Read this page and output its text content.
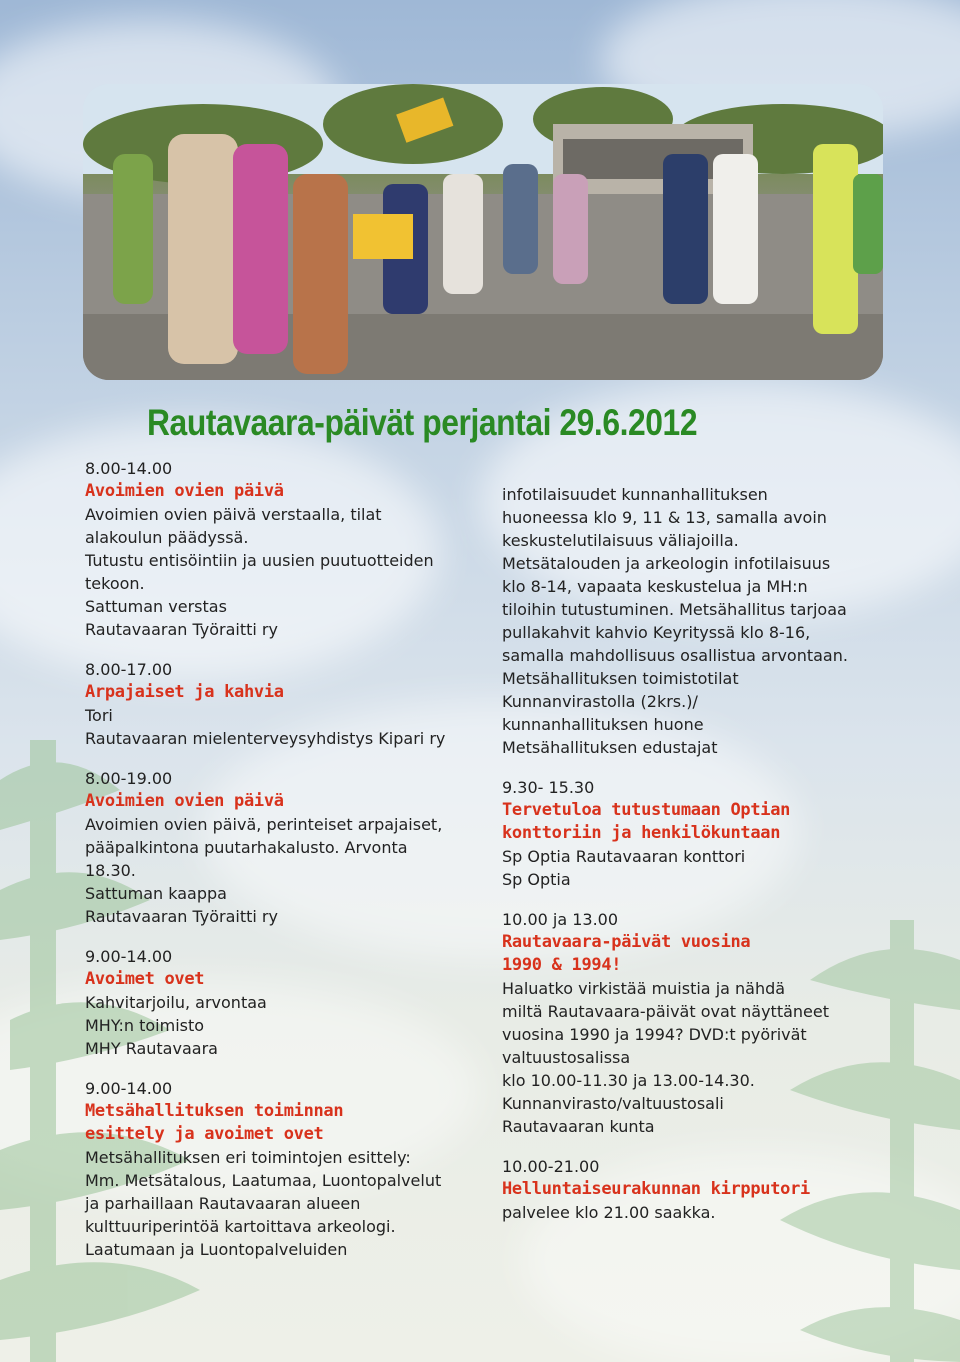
Rautavaara-päivät perjantai 29.6.2012
8.00-14.00
Avoimien ovien päivä
Avoimien ovien päivä verstaalla, tilat
alakoulun päädyssä.
Tutustu entisöintiin ja uusien puutuotteiden
tekoon.
Sattuman verstas
Rautavaaran Työraitti ry
8.00-17.00
Arpajaiset ja kahvia
Tori
Rautavaaran mielenterveysyhdistys Kipari ry
8.00-19.00
Avoimien ovien päivä
Avoimien ovien päivä, perinteiset arpajaiset,
pääpalkintona puutarhakalusto. Arvonta
18.30.
Sattuman kaappa
Rautavaaran Työraitti ry
9.00-14.00
Avoimet ovet
Kahvitarjoilu, arvontaa
MHY:n toimisto
MHY Rautavaara
9.00-14.00
Metsähallituksen toiminnan
esittely ja avoimet ovet
Metsähallituksen eri toimintojen esittely:
Mm. Metsätalous, Laatumaa, Luontopalvelut
ja parhaillaan Rautavaaran alueen
kulttuuriperintöä kartoittava arkeologi.
Laatumaan ja Luontopalveluiden
infotilaisuudet kunnanhallituksen
huoneessa klo 9, 11 & 13, samalla avoin
keskustelutilaisuus väliajoilla.
Metsätalouden ja arkeologin infotilaisuus
klo 8-14, vapaata keskustelua ja MH:n
tiloihin tutustuminen. Metsähallitus tarjoaa
pullakahvit kahvio Keyrityssä klo 8-16,
samalla mahdollisuus osallistua arvontaan.
Metsähallituksen toimistotilat
Kunnanvirastolla (2krs.)/
kunnanhallituksen huone
Metsähallituksen edustajat
9.30- 15.30
Tervetuloa tutustumaan Optian
konttoriin ja henkilökuntaan
Sp Optia Rautavaaran konttori
Sp Optia
10.00 ja 13.00
Rautavaara-päivät vuosina
1990 & 1994!
Haluatko virkistää muistia ja nähdä
miltä Rautavaara-päivät ovat näyttäneet
vuosina 1990 ja 1994? DVD:t pyörivät
valtuustosalissa
klo 10.00-11.30 ja 13.00-14.30.
Kunnanvirasto/valtuustosali
Rautavaaran kunta
10.00-21.00
Helluntaiseurakunnan kirpputori
palvelee klo 21.00 saakka.
